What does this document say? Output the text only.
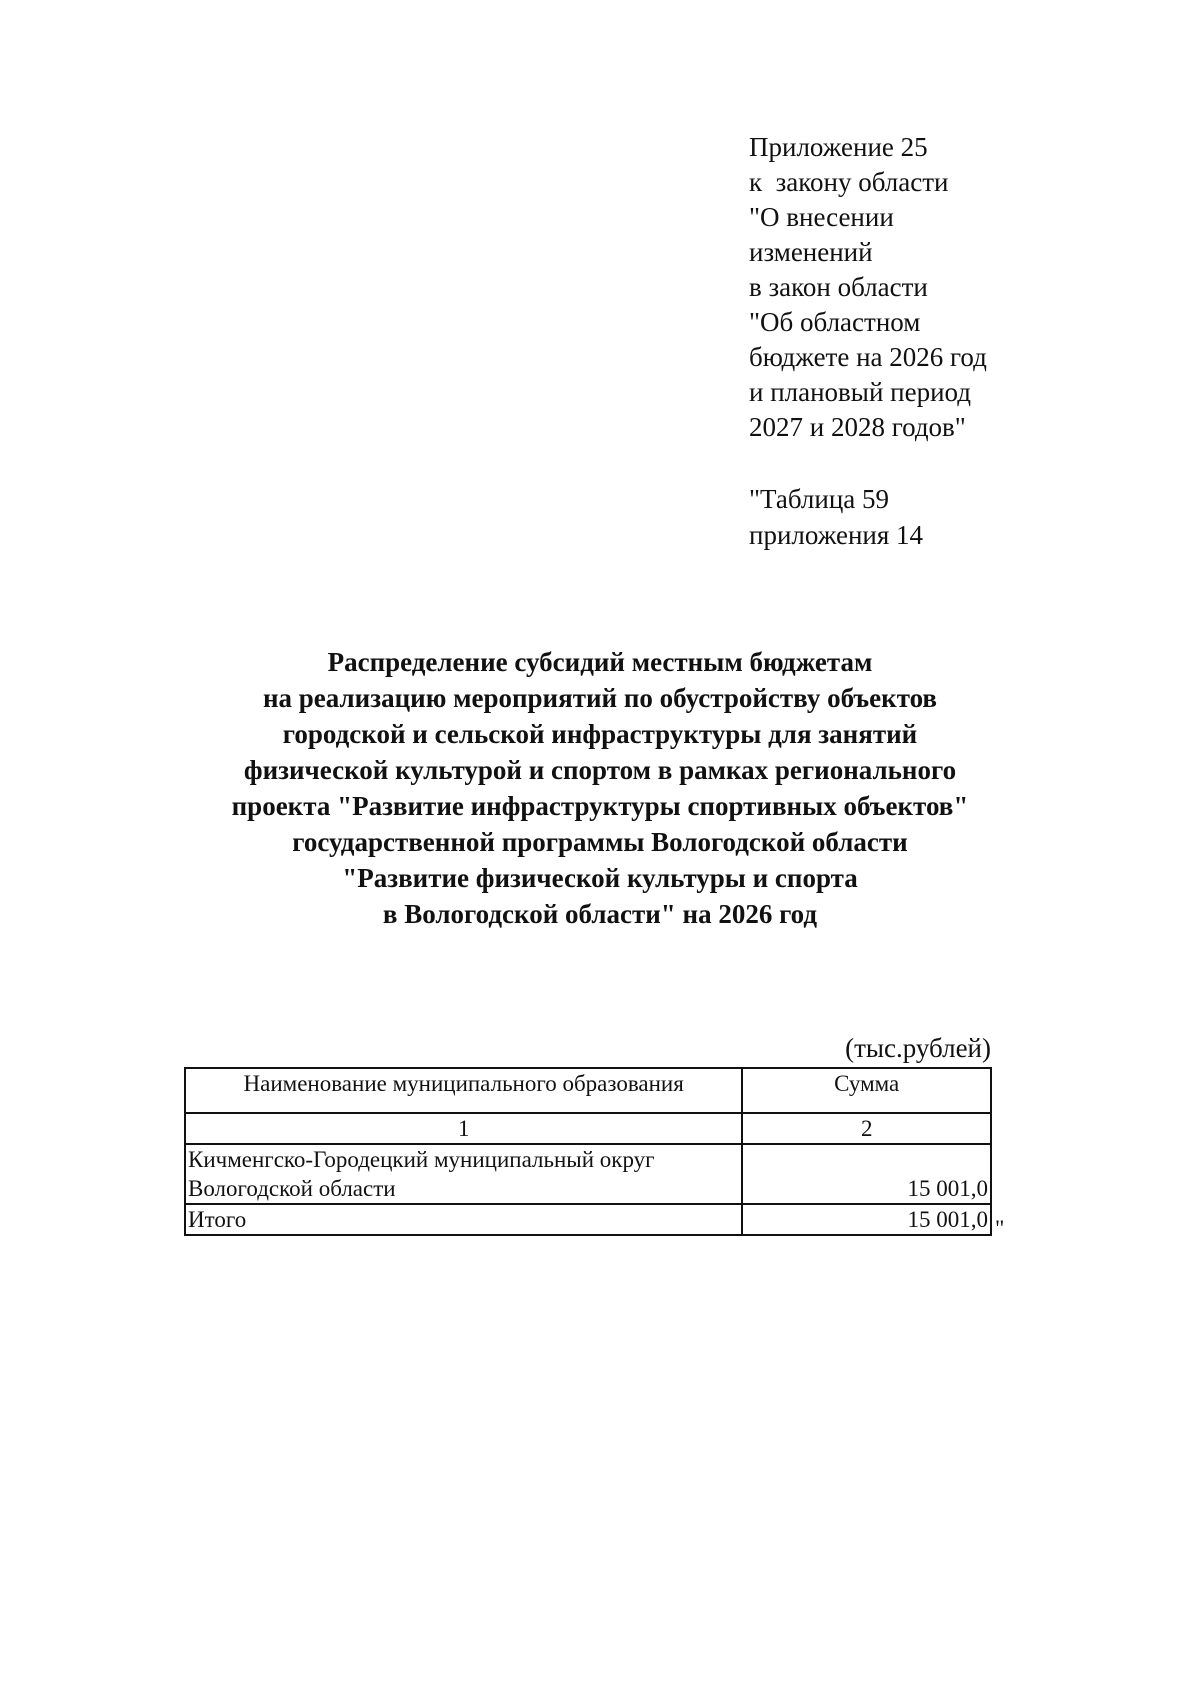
Приложение 25
к  закону области
"О внесении
изменений
в закон области
"Об областном
бюджете на 2026 год
и плановый период
2027 и 2028 годов"
"Таблица 59
приложения 14
Распределение субсидий местным бюджетам
на реализацию мероприятий по обустройству объектов
городской и сельской инфраструктуры для занятий
физической культурой и спортом в рамках регионального
проекта "Развитие инфраструктуры спортивных объектов"
государственной программы Вологодской области
"Развитие физической культуры и спорта
в Вологодской области" на 2026 год
(тыс.рублей)
Наименование муниципального образования	Сумма
1	2

Кичменгско-Городецкий муниципальный округ
Вологодской области	15 001,0
Итого	15 001,0 "
